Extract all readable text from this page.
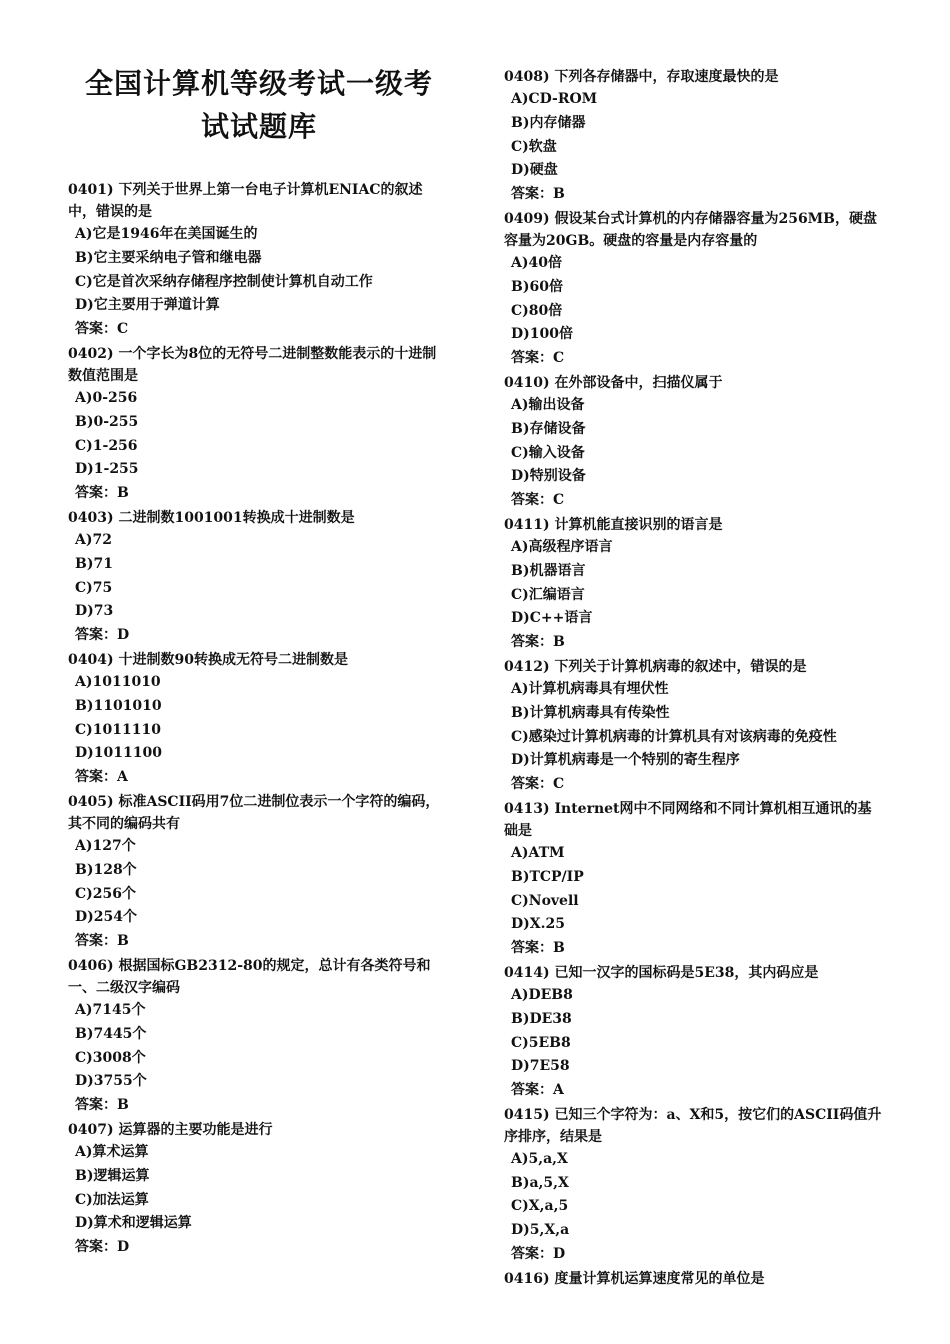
全国计算机等级考试一级考
试试题库
0401) 下列关于世界上第一台电子计算机ENIAC的叙述中，错误的是
A)它是1946年在美国诞生的
B)它主要采纳电子管和继电器
C)它是首次采纳存储程序控制使计算机自动工作
D)它主要用于弹道计算
答案：C
0402) 一个字长为8位的无符号二进制整数能表示的十进制数值范围是
A)0-256
B)0-255
C)1-256
D)1-255
答案：B
0403) 二进制数1001001转换成十进制数是
A)72
B)71
C)75
D)73
答案：D
0404) 十进制数90转换成无符号二进制数是
A)1011010
B)1101010
C)1011110
D)1011100
答案：A
0405) 标准ASCII码用7位二进制位表示一个字符的编码，其不同的编码共有
A)127个
B)128个
C)256个
D)254个
答案：B
0406) 根据国标GB2312-80的规定，总计有各类符号和一、二级汉字编码
A)7145个
B)7445个
C)3008个
D)3755个
答案：B
0407) 运算器的主要功能是进行
A)算术运算
B)逻辑运算
C)加法运算
D)算术和逻辑运算
答案：D
0408) 下列各存储器中，存取速度最快的是
A)CD-ROM
B)内存储器
C)软盘
D)硬盘
答案：B
0409) 假设某台式计算机的内存储器容量为256MB，硬盘容量为20GB。硬盘的容量是内存容量的
A)40倍
B)60倍
C)80倍
D)100倍
答案：C
0410) 在外部设备中，扫描仪属于
A)输出设备
B)存储设备
C)输入设备
D)特别设备
答案：C
0411) 计算机能直接识别的语言是
A)高级程序语言
B)机器语言
C)汇编语言
D)C++语言
答案：B
0412) 下列关于计算机病毒的叙述中，错误的是
A)计算机病毒具有埋伏性
B)计算机病毒具有传染性
C)感染过计算机病毒的计算机具有对该病毒的免疫性
D)计算机病毒是一个特别的寄生程序
答案：C
0413) Internet网中不同网络和不同计算机相互通讯的基础是
A)ATM
B)TCP/IP
C)Novell
D)X.25
答案：B
0414) 已知一汉字的国标码是5E38，其内码应是
A)DEB8
B)DE38
C)5EB8
D)7E58
答案：A
0415) 已知三个字符为：a、X和5，按它们的ASCII码值升序排序，结果是
A)5,a,X
B)a,5,X
C)X,a,5
D)5,X,a
答案：D
0416) 度量计算机运算速度常见的单位是
